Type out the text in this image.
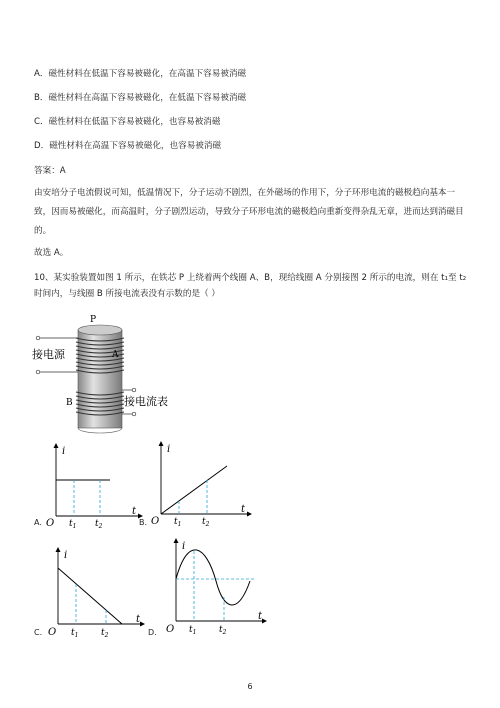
A．磁性材料在低温下容易被磁化，在高温下容易被消磁
B．磁性材料在高温下容易被磁化，在低温下容易被消磁
C．磁性材料在低温下容易被磁化，也容易被消磁
D．磁性材料在高温下容易被磁化，也容易被消磁
答案：A
由安培分子电流假说可知，低温情况下，分子运动不剧烈，在外磁场的作用下，分子环形电流的磁极趋向基本一致，因而易被磁化，而高温时，分子剧烈运动，导致分子环形电流的磁极趋向重新变得杂乱无章，进而达到消磁目的。
故选 A。
10、某实验装置如图 1 所示，在铁芯 P 上绕着两个线圈 A、B，现给线圈 A 分别接图 2 所示的电流，则在 t₁至 t₂
时间内，与线圈 B 所接电流表没有示数的是（ ）
P
A
B
接电源
接电流表
i
t
O $t_1$ $t_2$
A.
i
t
O $t_1$ $t_2$
B.
i
t
O $t_1$	$t_2$
C.
i
t
O $t_1$	$t_2$
D.
6
